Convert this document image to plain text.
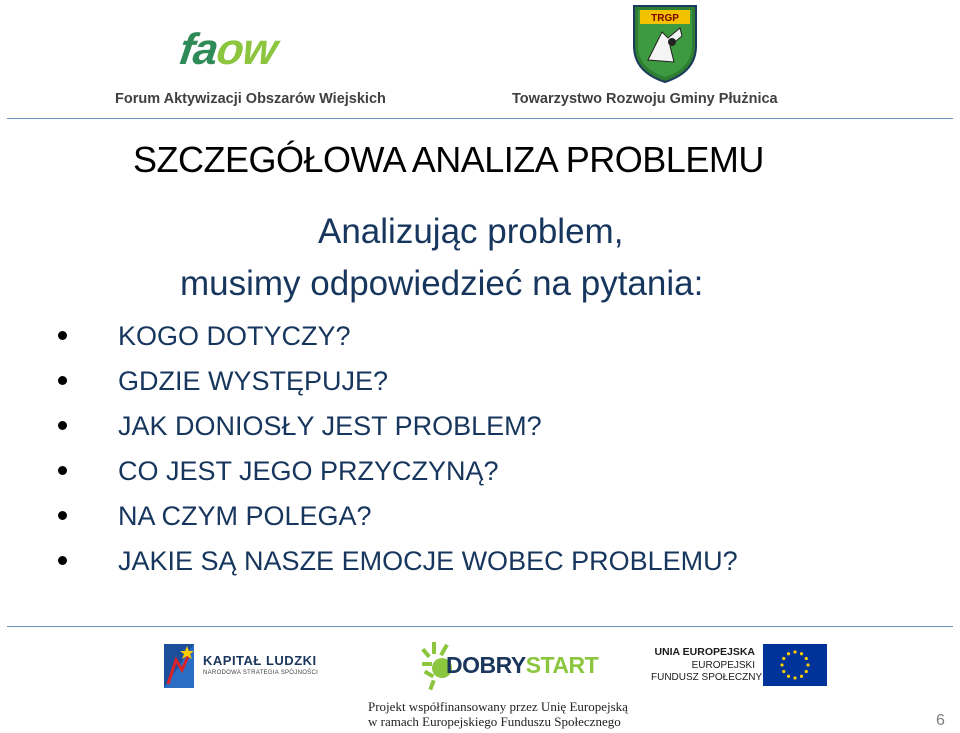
faow
Forum Aktywizacji Obszarów Wiejskich
TRGP
Towarzystwo Rozwoju Gminy Płużnica
SZCZEGÓŁOWA ANALIZA PROBLEMU
Analizując problem,
musimy odpowiedzieć na pytania:
KOGO DOTYCZY?
GDZIE WYSTĘPUJE?
JAK DONIOSŁY JEST PROBLEM?
CO JEST JEGO PRZYCZYNĄ?
NA CZYM POLEGA?
JAKIE SĄ NASZE EMOCJE WOBEC PROBLEMU?
KAPITAŁ LUDZKI
NARODOWA STRATEGIA SPÓJNOŚCI	DOBRYSTART	UNIA EUROPEJSKA
EUROPEJSKI
FUNDUSZ SPOŁECZNY
Projekt współfinansowany przez Unię Europejską
w ramach Europejskiego Funduszu Społecznego	6
